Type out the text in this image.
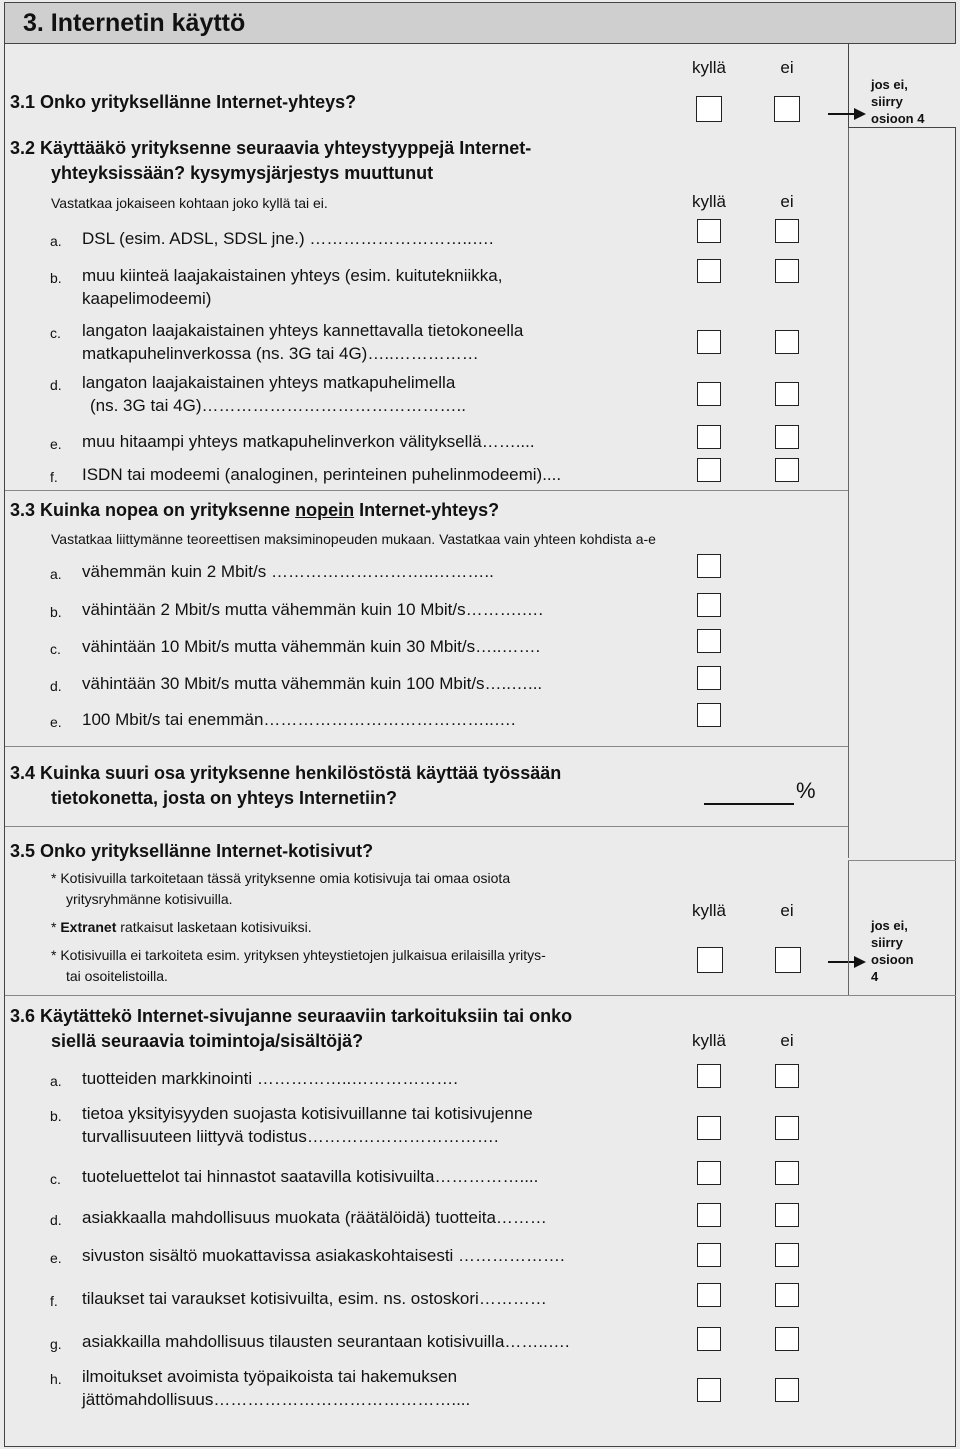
3. Internetin käyttö
kyllä	ei
3.1 Onko yrityksellänne Internet-yhteys?
jos ei,
siirry
osioon 4
3.2 Käyttääkö yrityksenne seuraavia yhteystyyppejä Internet-
yhteyksissään? kysymysjärjestys muuttunut
Vastatkaa jokaiseen kohtaan joko kyllä tai ei.	kyllä	ei
a. DSL (esim. ADSL, SDSL jne.) ………………………..….
b. muu kiinteä laajakaistainen yhteys (esim. kuitutekniikka,
kaapelimodeemi)
c. langaton laajakaistainen yhteys kannettavalla tietokoneella
matkapuhelinverkossa (ns. 3G tai 4G)…..……………
d. langaton laajakaistainen yhteys matkapuhelimella
(ns. 3G tai 4G)………………………………………..
e. muu hitaampi yhteys matkapuhelinverkon välityksellä……....
f. ISDN tai modeemi (analoginen, perinteinen puhelinmodeemi)....
3.3 Kuinka nopea on yrityksenne nopein Internet-yhteys?
Vastatkaa liittymänne teoreettisen maksiminopeuden mukaan. Vastatkaa vain yhteen kohdista a-e
a. vähemmän kuin 2 Mbit/s ………………………..………..
b. vähintään 2 Mbit/s mutta vähemmän kuin 10 Mbit/s……….….
c. vähintään 10 Mbit/s mutta vähemmän kuin 30 Mbit/s…..…….
d. vähintään 30 Mbit/s mutta vähemmän kuin 100 Mbit/s…..…...
e. 100 Mbit/s tai enemmän…………………………………..….
3.4 Kuinka suuri osa yrityksenne henkilöstöstä käyttää työssään
tietokonetta, josta on yhteys Internetiin?	%
3.5 Onko yrityksellänne Internet-kotisivut?
* Kotisivuilla tarkoitetaan tässä yrityksenne omia kotisivuja tai omaa osiota
yritysryhmänne kotisivuilla.
* Extranet ratkaisut lasketaan kotisivuiksi.
* Kotisivuilla ei tarkoiteta esim. yrityksen yhteystietojen julkaisua erilaisilla yritys-
tai osoitelistoilla.
kyllä	ei
jos ei,
siirry
osioon
4
3.6 Käytättekö Internet-sivujanne seuraaviin tarkoituksiin tai onko
siellä seuraavia toimintoja/sisältöjä?	kyllä	ei
a. tuotteiden markkinointi ……………..……………….
b. tietoa yksityisyyden suojasta kotisivuillanne tai kotisivujenne
turvallisuuteen liittyvä todistus…………………………….
c. tuoteluettelot tai hinnastot saatavilla kotisivuilta……………....
d. asiakkaalla mahdollisuus muokata (räätälöidä) tuotteita………
e. sivuston sisältö muokattavissa asiakaskohtaisesti ……………….
f. tilaukset tai varaukset kotisivuilta, esim. ns. ostoskori…………
g. asiakkailla mahdollisuus tilausten seurantaan kotisivuilla……..….
h. ilmoitukset avoimista työpaikoista tai hakemuksen
jättömahdollisuus……………………………………....
